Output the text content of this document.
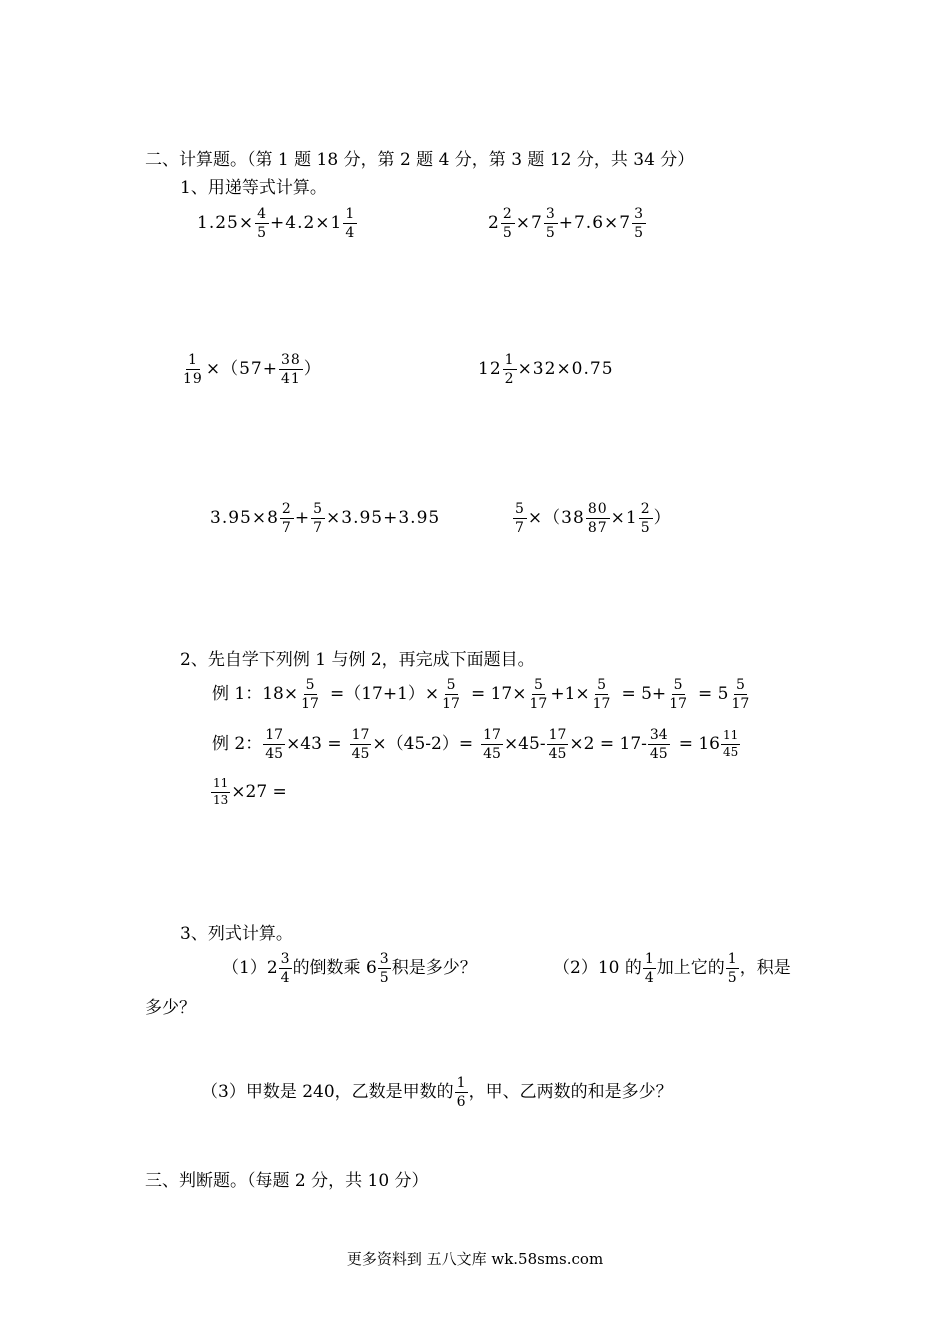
二、计算题。（第 1 题 18 分，第 2 题 4 分，第 3 题 12 分，共 34 分）
1、用递等式计算。
$1.25\times \frac{4}{5} +4.2\times 1 \frac{1}{4}$	$2 \frac{2}{5} \times 7 \frac{3}{5} +7.6\times 7 \frac{3}{5}$
$\frac{1}{19} \times(57+ \frac{38}{41}$ ）	$12 \frac{1}{2} \times 32\times 0.75$
$3.95\times 8 \frac{2}{7} + \frac{5}{7} \times 3.95+3.95$	$\frac{5}{7} \times(38 \frac{80}{87} \times 1 \frac{2}{5}$ ）
2、先自学下列例 1 与例 2，再完成下面题目。
例 1： $18\times \frac{5}{17} =(17+1)\times \frac{5}{17} = 17\times \frac{5}{17} +1\times \frac{5}{17} = 5+ \frac{5}{17} = 5 \frac{5}{17}$
例 2： $\frac{17}{45} \times 43 = \frac{17}{45} \times(45-2)= \frac{17}{45} \times 45- \frac{17}{45} \times 2 = 17- \frac{34}{45} = 16 \frac{11}{45}$
$\frac{11}{13} \times 27$ =
3、列式计算。
$(1)2 \frac{3}{4}$ 的倒数乘 $6 \frac{3}{5}$ 积是多少？	（2）10 的 $\frac{1}{4}$ 加上它的 $\frac{1}{5}$ ，积是
多少？
（3）甲数是 240，乙数是甲数的 $\frac{1}{6}$ ，甲、乙两数的和是多少？
三、判断题。（每题 2 分，共 10 分）
更多资料到 五八文库 wk.58sms.com
